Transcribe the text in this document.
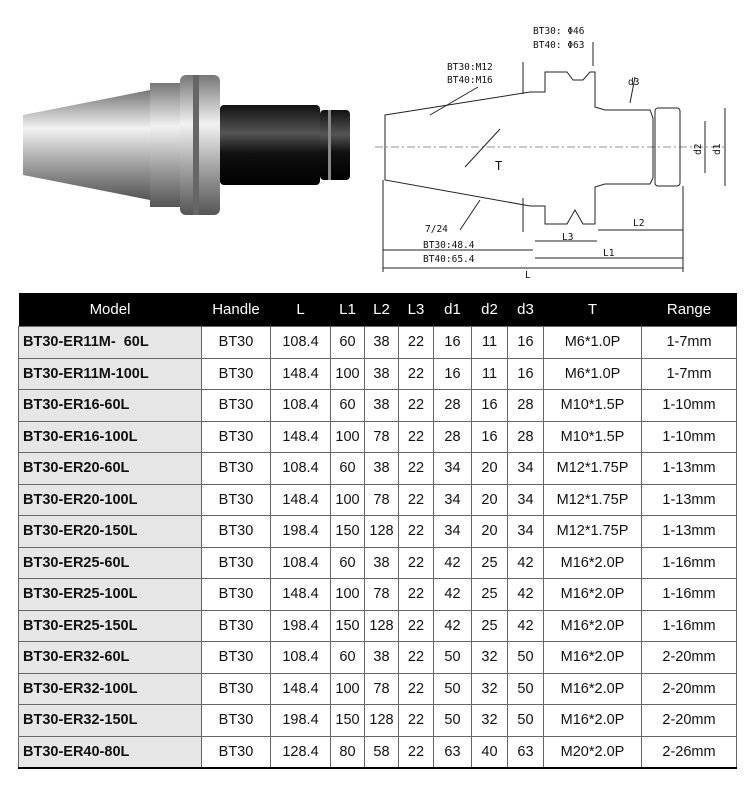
BT30: Φ46
BT40: Φ63
BT30:M12
BT40:M16	d3
T
7/24
BT30:48.4
BT40:65.4
L
L1
L2
L3
d1
d2
Model	Handle	L	L1	L2	L3	d1	d2	d3	T	Range
BT30-ER11M-  60L	BT30	108.4	60	38	22	16	11	16	M6*1.0P	1-7mm
BT30-ER11M-100L	BT30	148.4	100	38	22	16	11	16	M6*1.0P	1-7mm
BT30-ER16-60L	BT30	108.4	60	38	22	28	16	28	M10*1.5P	1-10mm
BT30-ER16-100L	BT30	148.4	100	78	22	28	16	28	M10*1.5P	1-10mm
BT30-ER20-60L	BT30	108.4	60	38	22	34	20	34	M12*1.75P	1-13mm
BT30-ER20-100L	BT30	148.4	100	78	22	34	20	34	M12*1.75P	1-13mm
BT30-ER20-150L	BT30	198.4	150	128	22	34	20	34	M12*1.75P	1-13mm
BT30-ER25-60L	BT30	108.4	60	38	22	42	25	42	M16*2.0P	1-16mm
BT30-ER25-100L	BT30	148.4	100	78	22	42	25	42	M16*2.0P	1-16mm
BT30-ER25-150L	BT30	198.4	150	128	22	42	25	42	M16*2.0P	1-16mm
BT30-ER32-60L	BT30	108.4	60	38	22	50	32	50	M16*2.0P	2-20mm
BT30-ER32-100L	BT30	148.4	100	78	22	50	32	50	M16*2.0P	2-20mm
BT30-ER32-150L	BT30	198.4	150	128	22	50	32	50	M16*2.0P	2-20mm
BT30-ER40-80L	BT30	128.4	80	58	22	63	40	63	M20*2.0P	2-26mm
